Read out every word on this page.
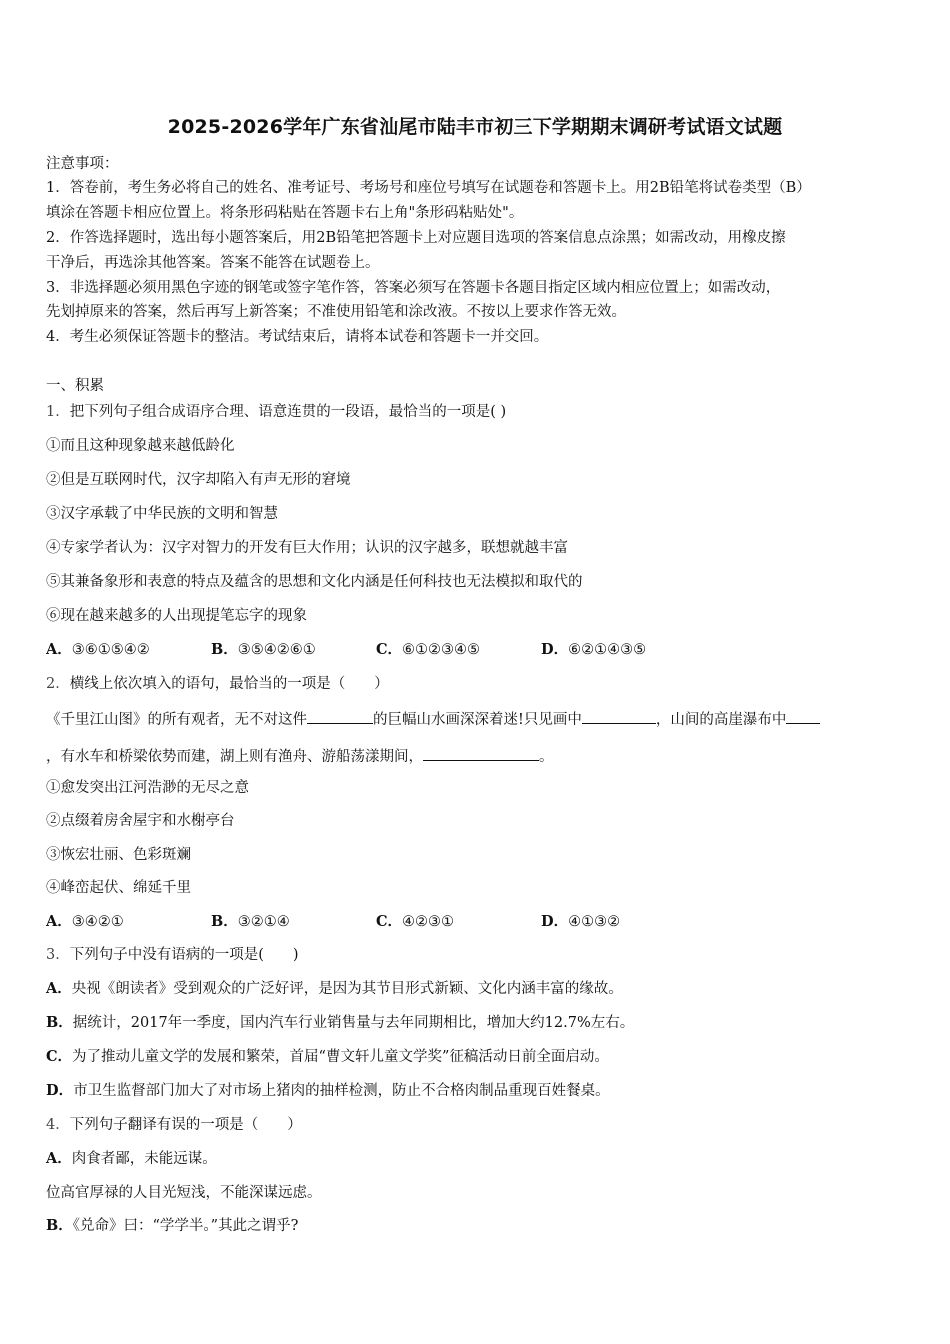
2025-2026学年广东省汕尾市陆丰市初三下学期期末调研考试语文试题
注意事项：
1．答卷前，考生务必将自己的姓名、准考证号、考场号和座位号填写在试题卷和答题卡上。用2B铅笔将试卷类型（B）
填涂在答题卡相应位置上。将条形码粘贴在答题卡右上角"条形码粘贴处"。
2．作答选择题时，选出每小题答案后，用2B铅笔把答题卡上对应题目选项的答案信息点涂黑；如需改动，用橡皮擦
干净后，再选涂其他答案。答案不能答在试题卷上。
3．非选择题必须用黑色字迹的钢笔或签字笔作答，答案必须写在答题卡各题目指定区域内相应位置上；如需改动，
先划掉原来的答案，然后再写上新答案；不准使用铅笔和涂改液。不按以上要求作答无效。
4．考生必须保证答题卡的整洁。考试结束后，请将本试卷和答题卡一并交回。
一、积累
1．把下列句子组合成语序合理、语意连贯的一段语，最恰当的一项是( )
①而且这种现象越来越低龄化
②但是互联网时代，汉字却陷入有声无形的窘境
③汉字承载了中华民族的文明和智慧
④专家学者认为：汉字对智力的开发有巨大作用；认识的汉字越多，联想就越丰富
⑤其兼备象形和表意的特点及蕴含的思想和文化内涵是任何科技也无法模拟和取代的
⑥现在越来越多的人出现提笔忘字的现象
A．③⑥①⑤④②	B．③⑤④②⑥①	C．⑥①②③④⑤	D．⑥②①④③⑤
2．横线上依次填入的语句，最恰当的一项是（　　）
《千里江山图》的所有观者，无不对这件	的巨幅山水画深深着迷!只见画中	，山间的高崖瀑布中
，有水车和桥梁依势而建，湖上则有渔舟、游船荡漾期间，	。
①愈发突出江河浩渺的无尽之意
②点缀着房舍屋宇和水榭亭台
③恢宏壮丽、色彩斑斓
④峰峦起伏、绵延千里
A．③④②①	B．③②①④	C．④②③①	D．④①③②
3．下列句子中没有语病的一项是(　　)
A．央视《朗读者》受到观众的广泛好评，是因为其节目形式新颖、文化内涵丰富的缘故。
B．据统计，2017年一季度，国内汽车行业销售量与去年同期相比，增加大约12.7%左右。
C．为了推动儿童文学的发展和繁荣，首届“曹文轩儿童文学奖”征稿活动日前全面启动。
D．市卫生监督部门加大了对市场上猪肉的抽样检测，防止不合格肉制品重现百姓餐桌。
4．下列句子翻译有误的一项是（　　）
A．肉食者鄙，未能远谋。
位高官厚禄的人目光短浅，不能深谋远虑。
B．《兑命》曰：“学学半。”其此之谓乎?
